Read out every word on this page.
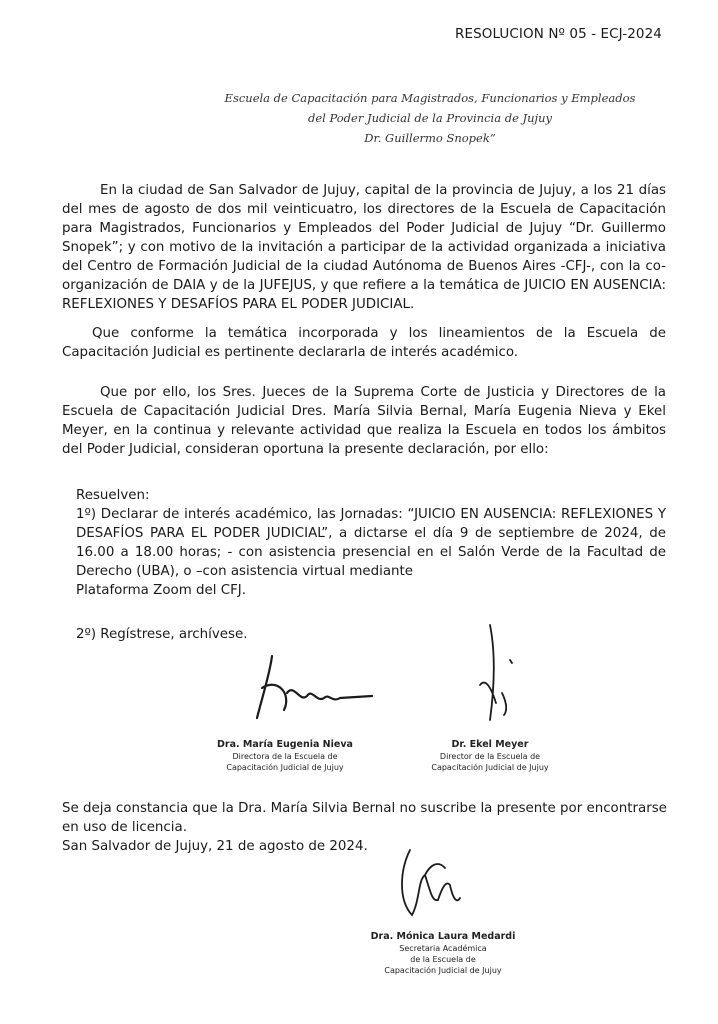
RESOLUCION Nº 05 - ECJ-2024
Escuela de Capacitación para Magistrados, Funcionarios y Empleados
del Poder Judicial de la Provincia de Jujuy
Dr. Guillermo Snopek”
En la ciudad de San Salvador de Jujuy, capital de la provincia de Jujuy, a los 21 días del mes de agosto de dos mil veinticuatro, los directores de la Escuela de Capacitación para Magistrados, Funcionarios y Empleados del Poder Judicial de Jujuy “Dr. Guillermo Snopek”; y con motivo de la invitación a participar de la actividad organizada a iniciativa del Centro de Formación Judicial de la ciudad Autónoma de Buenos Aires -CFJ-, con la co-organización de DAIA y de la JUFEJUS, y que refiere a la temática de JUICIO EN AUSENCIA: REFLEXIONES Y DESAFÍOS PARA EL PODER JUDICIAL.
Que conforme la temática incorporada y los lineamientos de la Escuela de Capacitación Judicial es pertinente declararla de interés académico.
Que por ello, los Sres. Jueces de la Suprema Corte de Justicia y Directores de la Escuela de Capacitación Judicial Dres. María Silvia Bernal, María Eugenia Nieva y Ekel Meyer, en la continua y relevante actividad que realiza la Escuela en todos los ámbitos del Poder Judicial, consideran oportuna la presente declaración, por ello:
Resuelven:
1º) Declarar de interés académico, las Jornadas: “JUICIO EN AUSENCIA: REFLEXIONES Y DESAFÍOS PARA EL PODER JUDICIAL”, a dictarse el día 9 de septiembre de 2024, de 16.00 a 18.00 horas; - con asistencia presencial en el Salón Verde de la Facultad de Derecho (UBA), o –con asistencia virtual mediante
Plataforma Zoom del CFJ.
2º) Regístrese, archívese.
Dra. María Eugenia Nieva
Directora de la Escuela de
Capacitación Judicial de Jujuy
Dr. Ekel Meyer
Director de la Escuela de
Capacitación Judicial de Jujuy
Se deja constancia que la Dra. María Silvia Bernal no suscribe la presente por encontrarse en uso de licencia.
San Salvador de Jujuy, 21 de agosto de 2024.
Dra. Mónica Laura Medardi
Secretaria Académica
de la Escuela de
Capacitación Judicial de Jujuy
